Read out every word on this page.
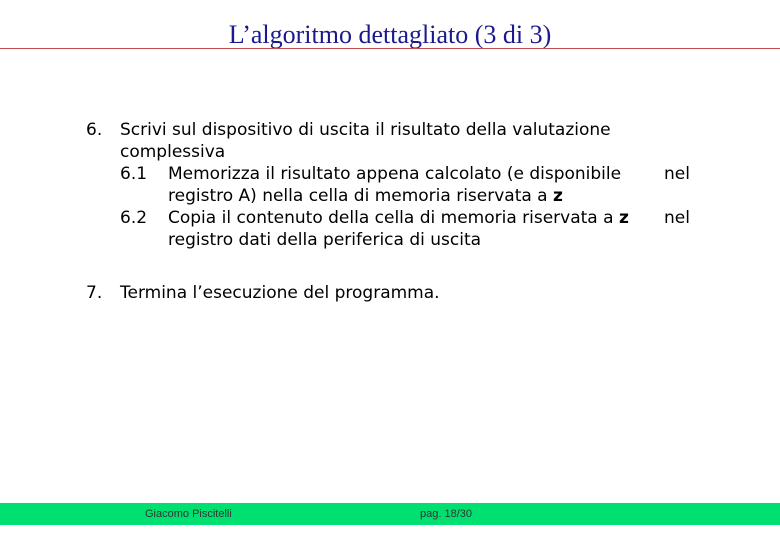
L’algoritmo dettagliato (3 di 3)
6. Scrivi sul dispositivo di uscita il risultato della valutazione
complessiva
6.1 Memorizza il risultato appena calcolato (e disponibile	nel
registro A) nella cella di memoria riservata a z
6.2 Copia il contenuto della cella di memoria riservata a z nel
registro dati della periferica di uscita
7. Termina l’esecuzione del programma.
Giacomo Piscitelli	pag. 18/30
